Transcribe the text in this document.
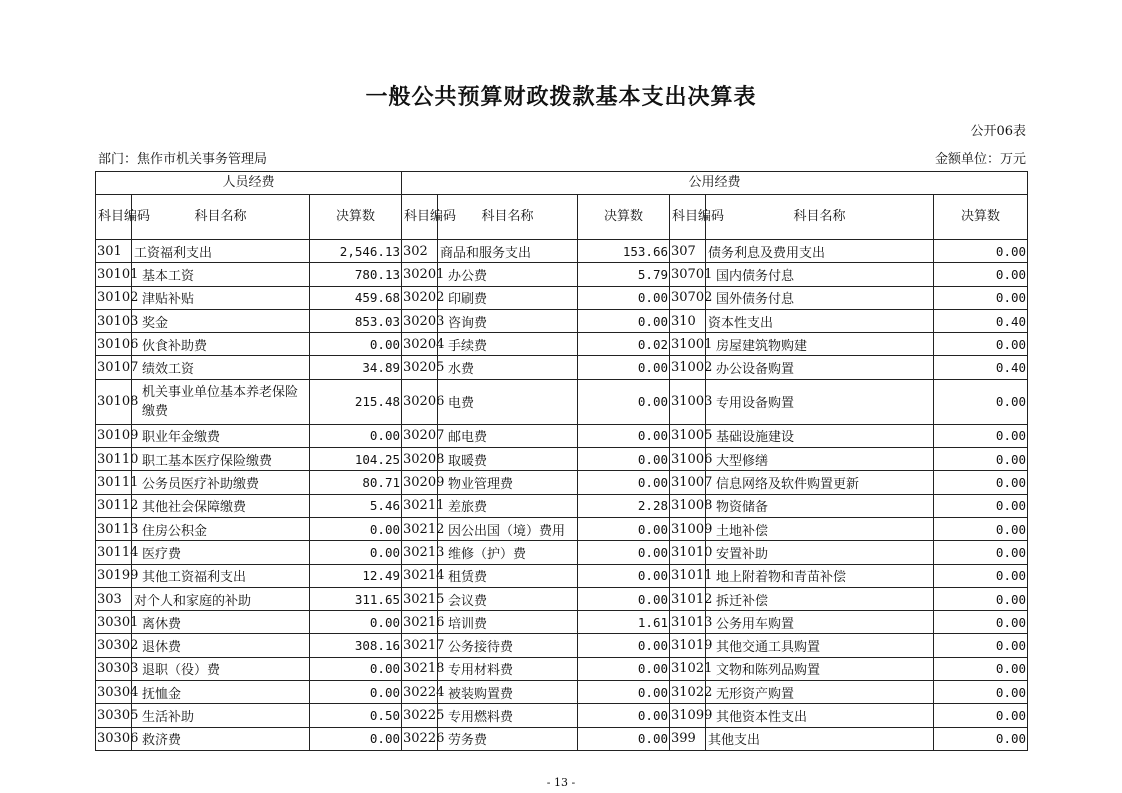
一般公共预算财政拨款基本支出决算表
公开06表
部门：焦作市机关事务管理局	金额单位：万元
人员经费			公用经费					
科目编码	科目名称	决算数	科目编码	科目名称	决算数	科目编码	科目名称	决算数
301	工资福利支出	2,546.13	302	商品和服务支出	153.66	307	债务利息及费用支出	0.00
30101	基本工资	780.13	30201	办公费	5.79	30701	国内债务付息	0.00
30102	津贴补贴	459.68	30202	印刷费	0.00	30702	国外债务付息	0.00
30103	奖金	853.03	30203	咨询费	0.00	310	资本性支出	0.40
30106	伙食补助费	0.00	30204	手续费	0.02	31001	房屋建筑物购建	0.00
30107	绩效工资	34.89	30205	水费	0.00	31002	办公设备购置	0.40
30108	机关事业单位基本养老保险缴费	215.48	30206	电费	0.00	31003	专用设备购置	0.00
30109	职业年金缴费	0.00	30207	邮电费	0.00	31005	基础设施建设	0.00
30110	职工基本医疗保险缴费	104.25	30208	取暖费	0.00	31006	大型修缮	0.00
30111	公务员医疗补助缴费	80.71	30209	物业管理费	0.00	31007	信息网络及软件购置更新	0.00
30112	其他社会保障缴费	5.46	30211	差旅费	2.28	31008	物资储备	0.00
30113	住房公积金	0.00	30212	因公出国（境）费用	0.00	31009	土地补偿	0.00
30114	医疗费	0.00	30213	维修（护）费	0.00	31010	安置补助	0.00
30199	其他工资福利支出	12.49	30214	租赁费	0.00	31011	地上附着物和青苗补偿	0.00
303	对个人和家庭的补助	311.65	30215	会议费	0.00	31012	拆迁补偿	0.00
30301	离休费	0.00	30216	培训费	1.61	31013	公务用车购置	0.00
30302	退休费	308.16	30217	公务接待费	0.00	31019	其他交通工具购置	0.00
30303	退职（役）费	0.00	30218	专用材料费	0.00	31021	文物和陈列品购置	0.00
30304	抚恤金	0.00	30224	被装购置费	0.00	31022	无形资产购置	0.00
30305	生活补助	0.50	30225	专用燃料费	0.00	31099	其他资本性支出	0.00
30306	救济费	0.00	30226	劳务费	0.00	399	其他支出	0.00
- 13 -
